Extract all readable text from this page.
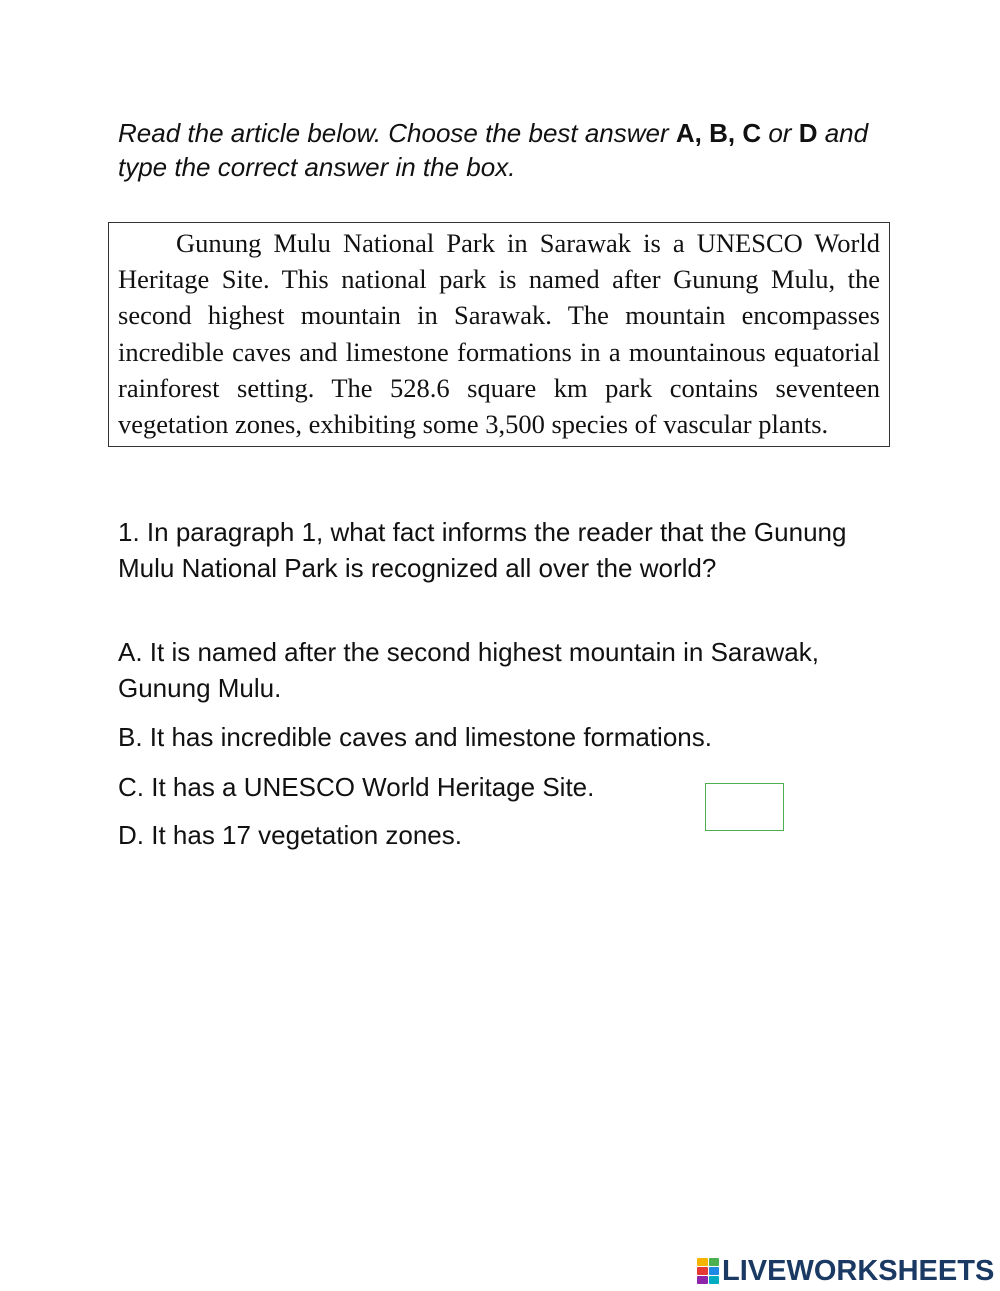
Read the article below. Choose the best answer A, B, C or D and type the correct answer in the box.

Gunung Mulu National Park in Sarawak is a UNESCO World Heritage Site. This national park is named after Gunung Mulu, the second highest mountain in Sarawak. The mountain encompasses incredible caves and limestone formations in a mountainous equatorial rainforest setting. The 528.6 square km park contains seventeen vegetation zones, exhibiting some 3,500 species of vascular plants.

1. In paragraph 1, what fact informs the reader that the Gunung Mulu National Park is recognized all over the world?

A. It is named after the second highest mountain in Sarawak, Gunung Mulu.

B. It has incredible caves and limestone formations.

C. It has a UNESCO World Heritage Site.

D. It has 17 vegetation zones.

LIVEWORKSHEETS
